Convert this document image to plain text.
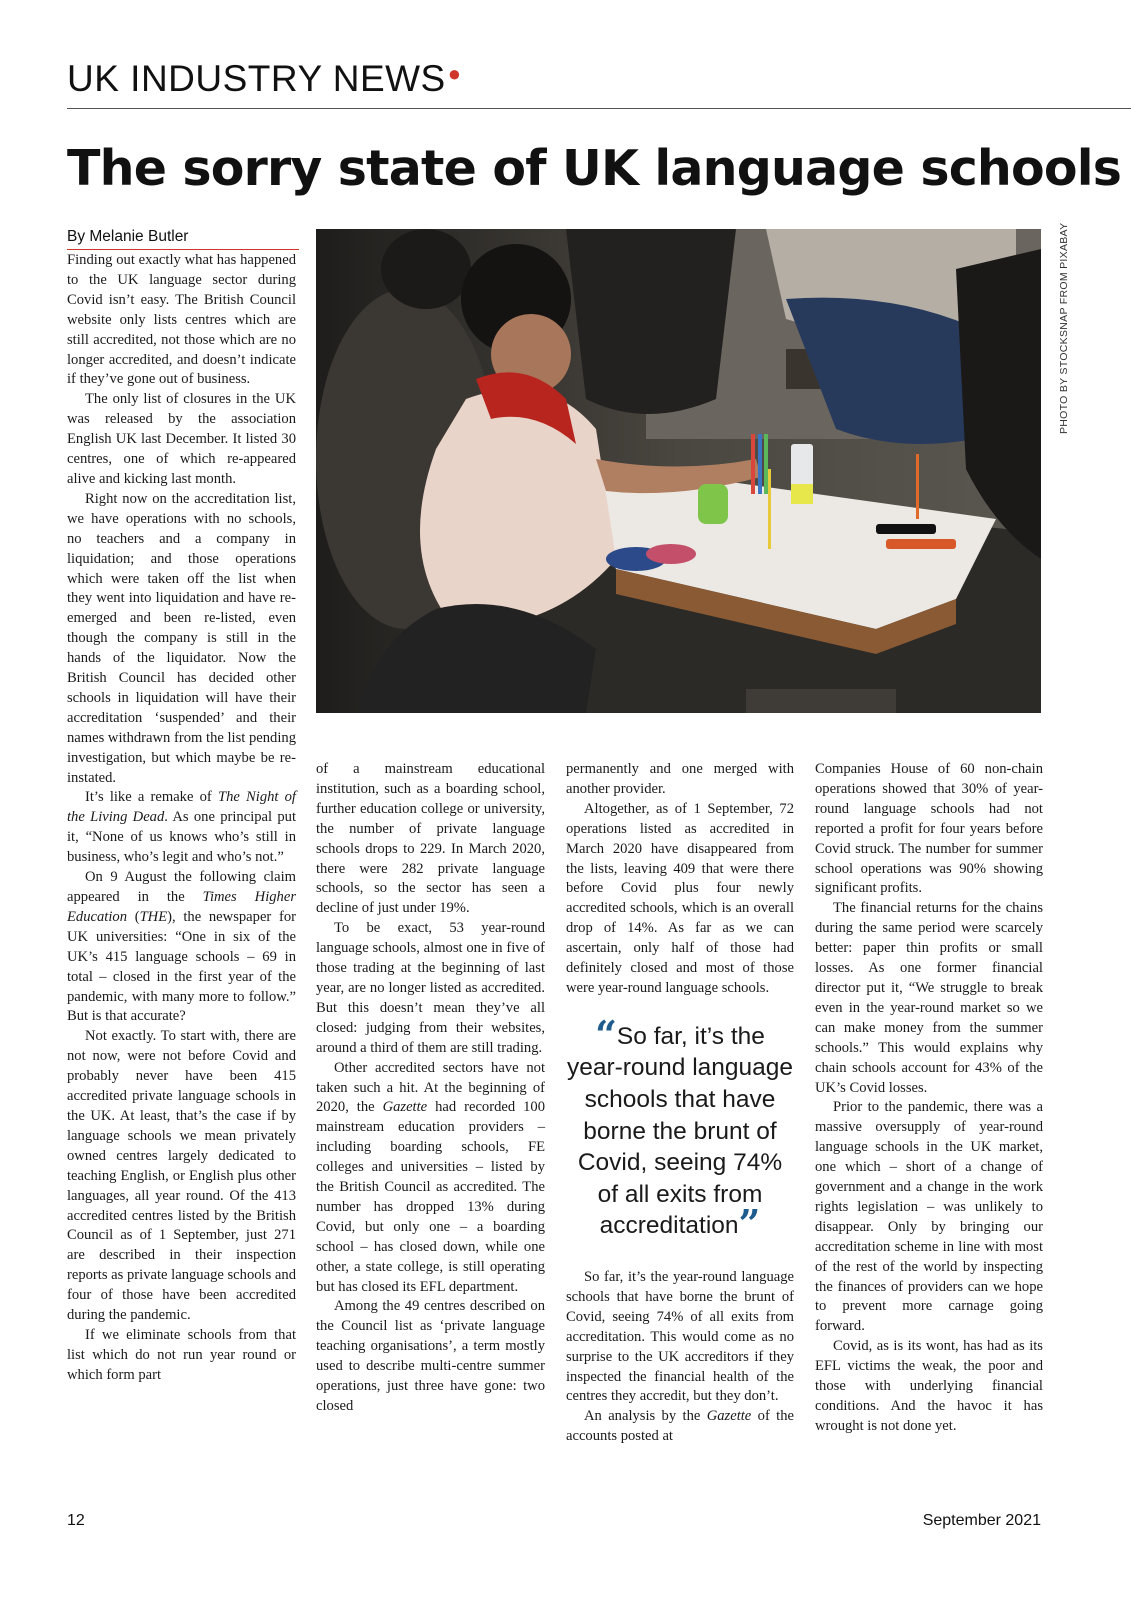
UK INDUSTRY NEWS●
The sorry state of UK language schools
By Melanie Butler	PHOTO BY STOCKSNAP FROM PIXABAY

Finding out exactly what has happened to the UK language sector during Covid isn’t easy. The British Council website only lists centres which are still accredited, not those which are no longer accredited, and doesn’t indicate if they’ve gone out of business.

The only list of closures in the UK was released by the association English UK last December. It listed 30 centres, one of which re-appeared alive and kicking last month.

Right now on the accreditation list, we have operations with no schools, no teachers and a company in liquidation; and those operations which were taken off the list when they went into liquidation and have re-emerged and been re-listed, even though the company is still in the hands of the liquidator. Now the British Council has decided other schools in liquidation will have their accreditation ‘suspended’ and their names withdrawn from the list pending investigation, but which maybe be re-instated.

It’s like a remake of The Night of the Living Dead. As one principal put it, “None of us knows who’s still in business, who’s legit and who’s not.”

On 9 August the following claim appeared in the Times Higher Education (THE), the newspaper for UK universities: “One in six of the UK’s 415 language schools – 69 in total – closed in the first year of the pandemic, with many more to follow.” But is that accurate?

Not exactly. To start with, there are not now, were not before Covid and probably never have been 415 accredited private language schools in the UK. At least, that’s the case if by language schools we mean privately owned centres largely dedicated to teaching English, or English plus other languages, all year round. Of the 413 accredited centres listed by the British Council as of 1 September, just 271 are described in their inspection reports as private language schools and four of those have been accredited during the pandemic.

If we eliminate schools from that list which do not run year round or which form part

of a mainstream educational institution, such as a boarding school, further education college or university, the number of private language schools drops to 229. In March 2020, there were 282 private language schools, so the sector has seen a decline of just under 19%.

To be exact, 53 year-round language schools, almost one in five of those trading at the beginning of last year, are no longer listed as accredited. But this doesn’t mean they’ve all closed: judging from their websites, around a third of them are still trading.

Other accredited sectors have not taken such a hit. At the beginning of 2020, the Gazette had recorded 100 mainstream education providers – including boarding schools, FE colleges and universities – listed by the British Council as accredited. The number has dropped 13% during Covid, but only one – a boarding school – has closed down, while one other, a state college, is still operating but has closed its EFL department.

Among the 49 centres described on the Council list as ‘private language teaching organisations’, a term mostly used to describe multi-centre summer operations, just three have gone: two closed

permanently and one merged with another provider.

Altogether, as of 1 September, 72 operations listed as accredited in March 2020 have disappeared from the lists, leaving 409 that were there before Covid plus four newly accredited schools, which is an overall drop of 14%. As far as we can ascertain, only half of those had definitely closed and most of those were year-round language schools.

“So far, it’s the year-round language schools that have borne the brunt of Covid, seeing 74% of all exits from accreditation”

So far, it’s the year-round language schools that have borne the brunt of Covid, seeing 74% of all exits from accreditation. This would come as no surprise to the UK accreditors if they inspected the financial health of the centres they accredit, but they don’t.

An analysis by the Gazette of the accounts posted at

Companies House of 60 non-chain operations showed that 30% of year-round language schools had not reported a profit for four years before Covid struck. The number for summer school operations was 90% showing significant profits.

The financial returns for the chains during the same period were scarcely better: paper thin profits or small losses. As one former financial director put it, “We struggle to break even in the year-round market so we can make money from the summer schools.” This would explains why chain schools account for 43% of the UK’s Covid losses.

Prior to the pandemic, there was a massive oversupply of year-round language schools in the UK market, one which – short of a change of government and a change in the work rights legislation – was unlikely to disappear. Only by bringing our accreditation scheme in line with most of the rest of the world by inspecting the finances of providers can we hope to prevent more carnage going forward.

Covid, as is its wont, has had as its EFL victims the weak, the poor and those with underlying financial conditions. And the havoc it has wrought is not done yet.

12	September 2021
